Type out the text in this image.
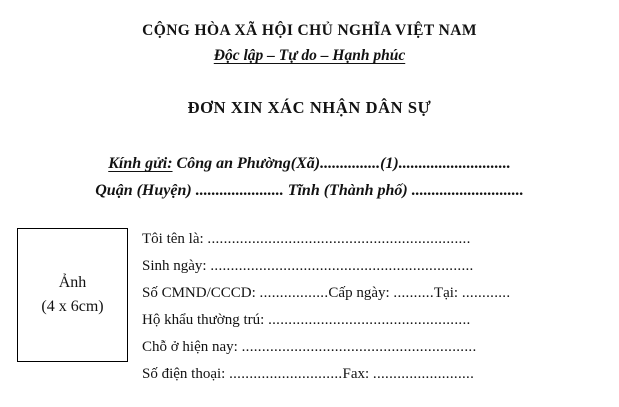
CỘNG HÒA XÃ HỘI CHỦ NGHĨA VIỆT NAM
Độc lập – Tự do – Hạnh phúc
ĐƠN XIN XÁC NHẬN DÂN SỰ
Kính gửi: Công an Phường(Xã)...............(1)............................
Quận (Huyện) ...................... Tĩnh (Thành phố) ............................
Ảnh
(4 x 6cm)
Tôi tên là: .................................................................
Sinh ngày: .................................................................
Số CMND/CCCD: .................Cấp ngày: ..........Tại: ............
Hộ khẩu thường trú: ..................................................
Chỗ ở hiện nay: ..........................................................
Số điện thoại: ............................Fax: .........................
